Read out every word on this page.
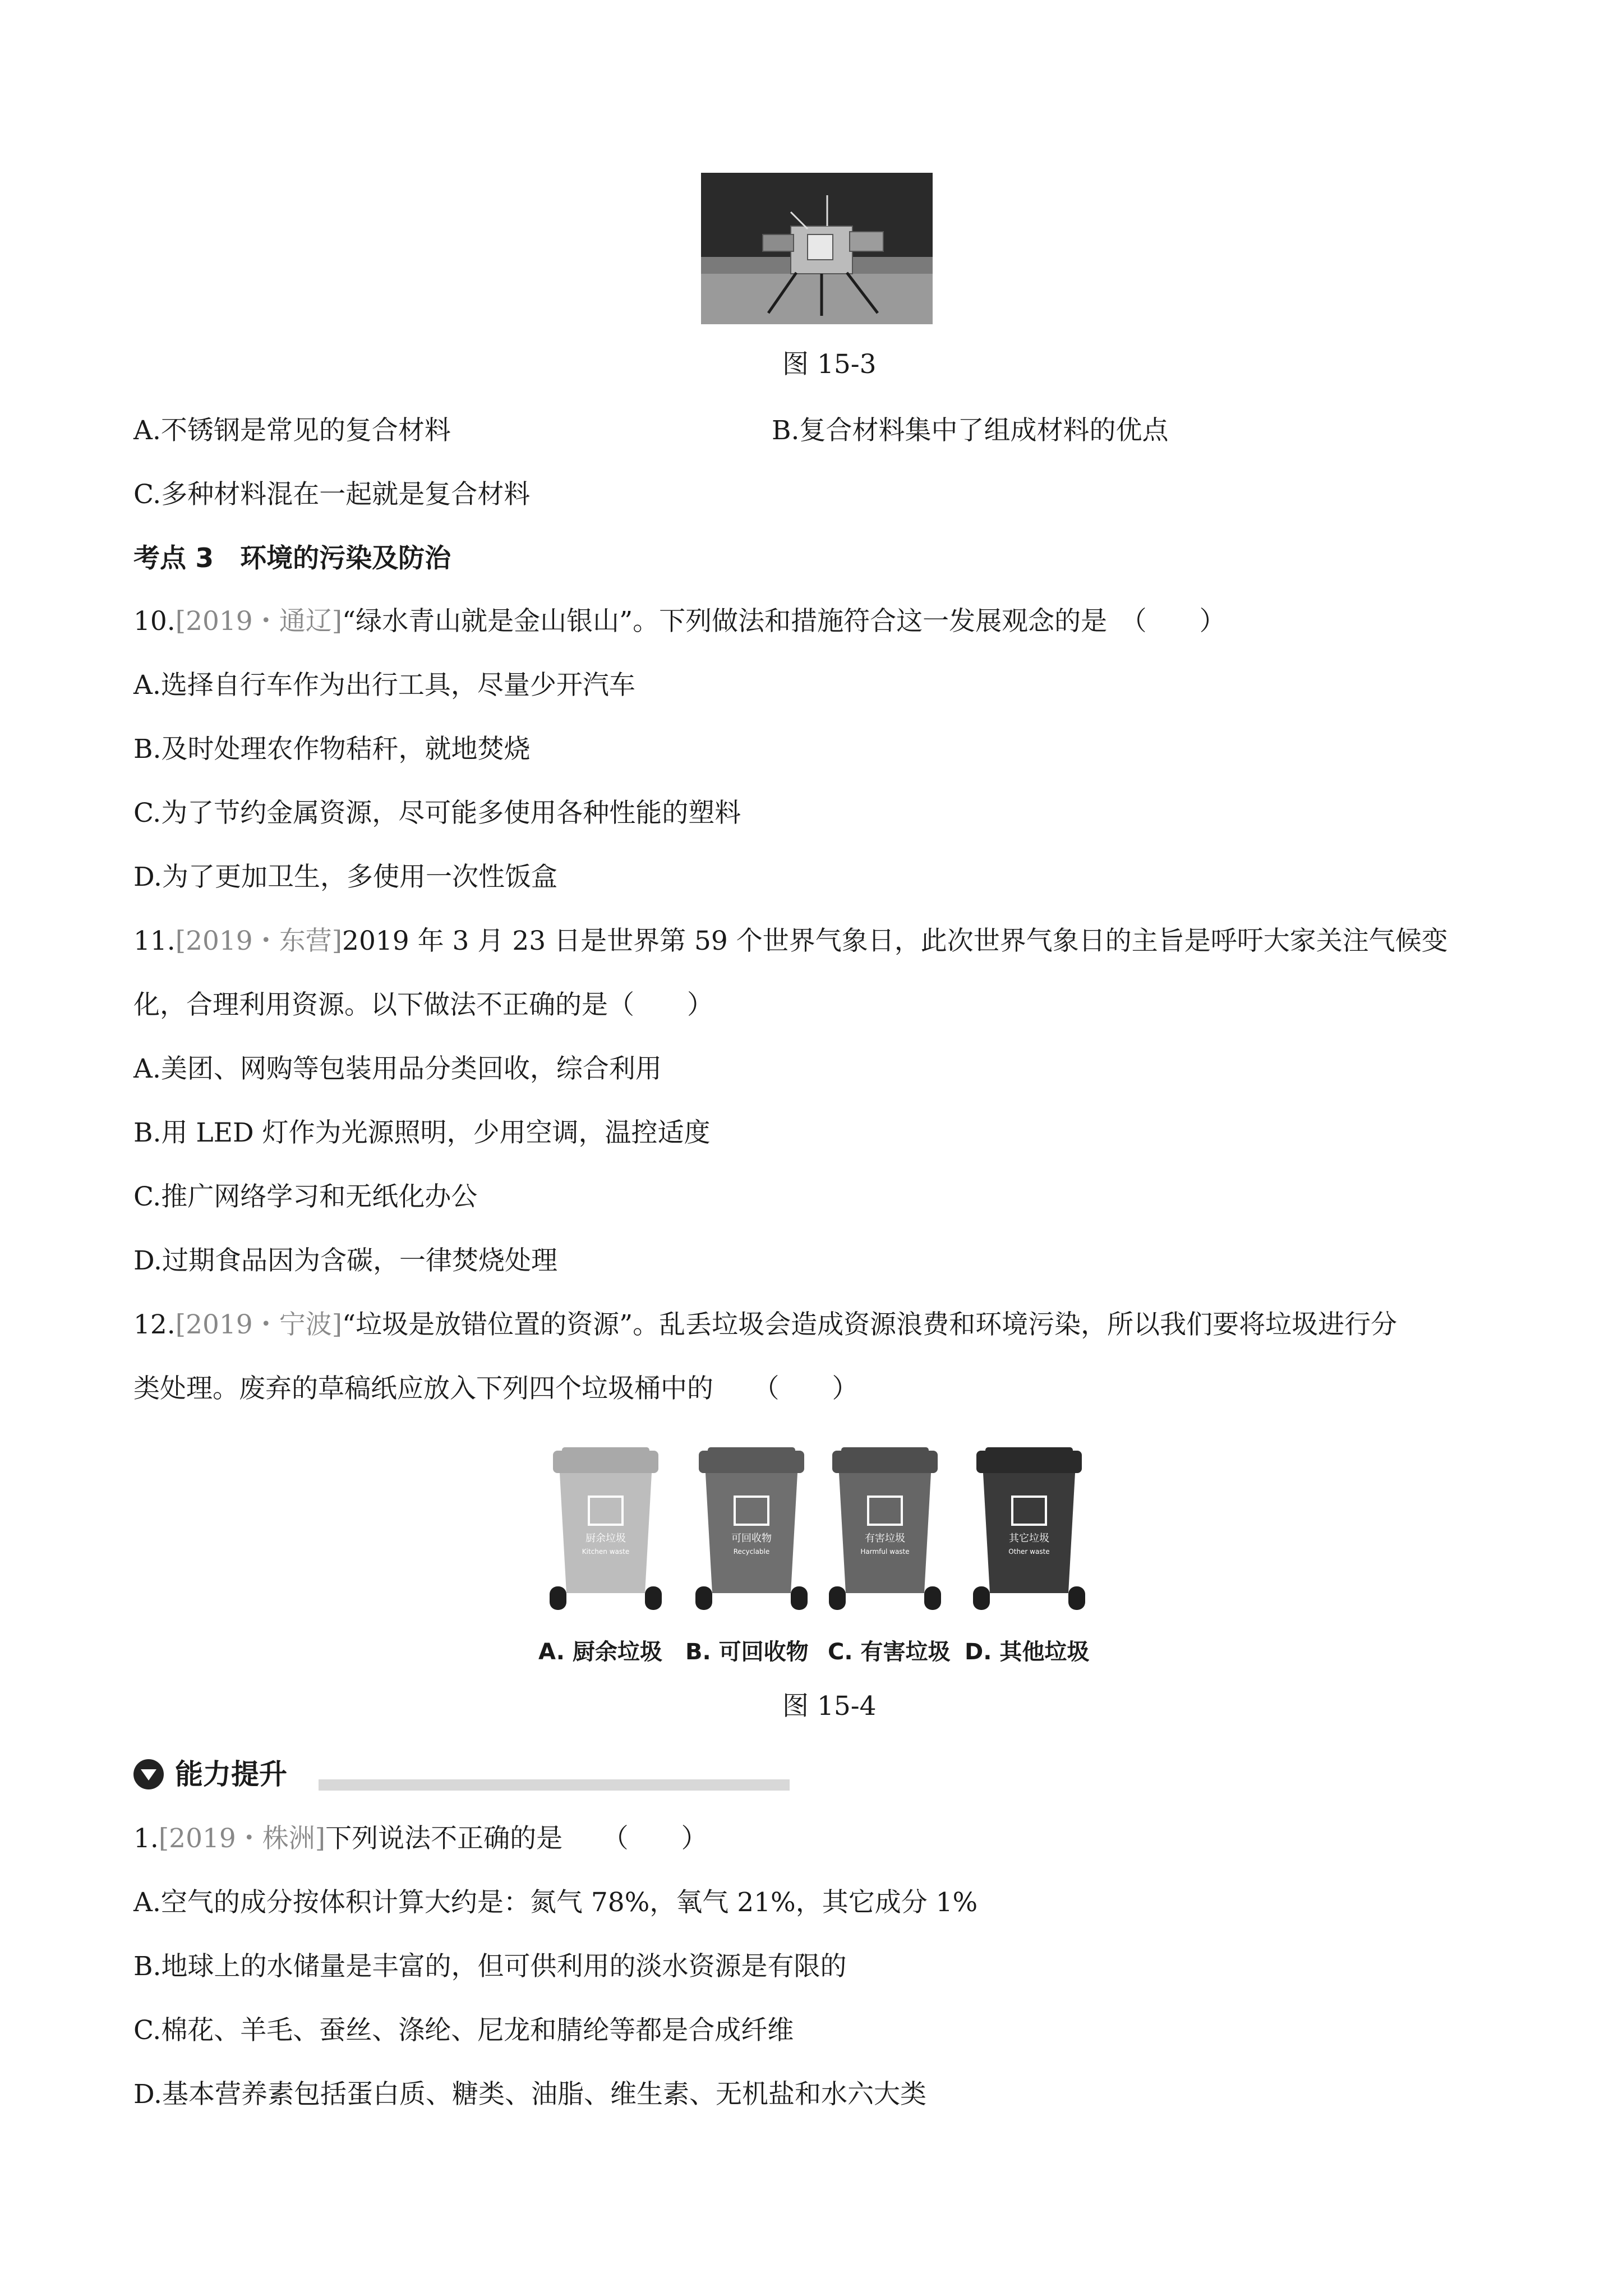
图 15-3
A.不锈钢是常见的复合材料	B.复合材料集中了组成材料的优点
C.多种材料混在一起就是复合材料
考点 3　环境的污染及防治
10.[2019・通辽]“绿水青山就是金山银山”。下列做法和措施符合这一发展观念的是　（　　）
A.选择自行车作为出行工具，尽量少开汽车
B.及时处理农作物秸秆，就地焚烧
C.为了节约金属资源，尽可能多使用各种性能的塑料
D.为了更加卫生，多使用一次性饭盒
11.[2019・东营]2019 年 3 月 23 日是世界第 59 个世界气象日，此次世界气象日的主旨是呼吁大家关注气候变
化，合理利用资源。以下做法不正确的是（　　）
A.美团、网购等包装用品分类回收，综合利用
B.用 LED 灯作为光源照明，少用空调，温控适度
C.推广网络学习和无纸化办公
D.过期食品因为含碳，一律焚烧处理
12.[2019・宁波]“垃圾是放错位置的资源”。乱丢垃圾会造成资源浪费和环境污染，所以我们要将垃圾进行分
类处理。废弃的草稿纸应放入下列四个垃圾桶中的　　（　　）
厨余垃圾
Kitchen waste
A. 厨余垃圾
可回收物
Recyclable
B. 可回收物
有害垃圾
Harmful waste
C. 有害垃圾
其它垃圾
Other waste
D. 其他垃圾
图 15-4
能力提升
1.[2019・株洲]下列说法不正确的是　　（　　）
A.空气的成分按体积计算大约是：氮气 78%，氧气 21%，其它成分 1%
B.地球上的水储量是丰富的，但可供利用的淡水资源是有限的
C.棉花、羊毛、蚕丝、涤纶、尼龙和腈纶等都是合成纤维
D.基本营养素包括蛋白质、糖类、油脂、维生素、无机盐和水六大类
